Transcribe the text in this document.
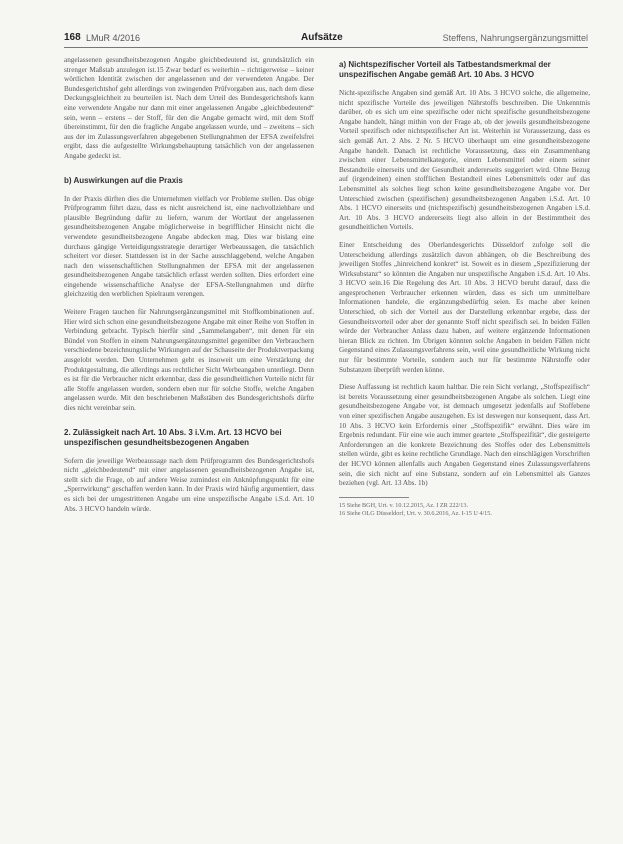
168 LMuR 4/2016	Aufsätze	Steffens, Nahrungsergänzungsmittel

angelassenen gesundheitsbezogenen Angabe gleichbedeutend ist, grundsätzlich ein strenger Maßstab anzulegen ist.15 Zwar bedarf es weiterhin – richtigerweise – keiner wörtlichen Identität zwischen der angelassenen und der verwendeten Angabe. Der Bundesgerichtshof geht allerdings von zwingenden Prüfvorgaben aus, nach dem diese Deckungsgleichheit zu beurteilen ist. Nach dem Urteil des Bundesgerichtshofs kann eine verwendete Angabe nur dann mit einer angelassenen Angabe „gleichbedeutend“ sein, wenn – erstens – der Stoff, für den die Angabe gemacht wird, mit dem Stoff übereinstimmt, für den die fragliche Angabe angelassen wurde, und – zweitens – sich aus der im Zulassungsverfahren abgegebenen Stellungnahmen der EFSA zweifelsfrei ergibt, dass die aufgestellte Wirkungsbehauptung tatsächlich von der angelassenen Angabe gedeckt ist.

b) Auswirkungen auf die Praxis

In der Praxis dürften dies die Unternehmen vielfach vor Probleme stellen. Das obige Prüfprogramm führt dazu, dass es nicht ausreichend ist, eine nachvollziehbare und plausible Begründung dafür zu liefern, warum der Wortlaut der angelassenen gesundheitsbezogenen Angabe möglicherweise in begrifflicher Hinsicht nicht die verwendete gesundheitsbezogene Angabe abdecken mag. Dies war bislang eine durchaus gängige Verteidigungsstrategie derartiger Werbeaussagen, die tatsächlich scheitert vor dieser. Stattdessen ist in der Sache ausschlaggebend, welche Angaben nach den wissenschaftlichen Stellungnahmen der EFSA mit der angelassenen gesundheitsbezogenen Angabe tatsächlich erfasst werden sollten. Dies erfordert eine eingehende wissenschaftliche Analyse der EFSA-Stellungnahmen und dürfte gleichzeitig den werblichen Spielraum verengen.

Weitere Fragen tauchen für Nahrungsergänzungsmittel mit Stoffkombinationen auf. Hier wird sich schon eine gesundheitsbezogene Angabe mit einer Reihe von Stoffen in Verbindung gebracht. Typisch hierfür sind „Sammelangaben“, mit denen für ein Bündel von Stoffen in einem Nahrungsergänzungsmittel gegenüber den Verbrauchern verschiedene bezeichnungsliche Wirkungen auf der Schauseite der Produktverpackung ausgelobt werden. Den Unternehmen geht es insoweit um eine Verstärkung der Produktgestaltung, die allerdings aus rechtlicher Sicht Werbeangaben unterliegt. Denn es ist für die Verbraucher nicht erkennbar, dass die gesundheitlichen Vorteile nicht für alle Stoffe angelassen wurden, sondern eben nur für solche Stoffe, welche Angaben angelassen wurde. Mit den beschriebenen Maßstäben des Bundesgerichtshofs dürfte dies nicht vereinbar sein.

2. Zulässigkeit nach Art. 10 Abs. 3 i.V.m. Art. 13 HCVO bei unspezifischen gesundheitsbezogenen Angaben

Sofern die jeweilige Werbeaussage nach dem Prüfprogramm des Bundesgerichtshofs nicht „gleichbedeutend“ mit einer angelassenen gesundheitsbezogenen Angabe ist, stellt sich die Frage, ob auf andere Weise zumindest ein Anknüpfungspunkt für eine „Sperrwirkung“ geschaffen werden kann. In der Praxis wird häufig argumentiert, dass es sich bei der umgestrittenen Angabe um eine unspezifische Angabe i.S.d. Art. 10 Abs. 3 HCVO handeln würde.

a) Nichtspezifischer Vorteil als Tatbestandsmerkmal der unspezifischen Angabe gemäß Art. 10 Abs. 3 HCVO

Nicht-spezifische Angaben sind gemäß Art. 10 Abs. 3 HCVO solche, die allgemeine, nicht spezifische Vorteile des jeweiligen Nährstoffs beschreiben. Die Unkenntnis darüber, ob es sich um eine spezifische oder nicht spezifische gesundheitsbezogene Angabe handelt, hängt mithin von der Frage ab, ob der jeweils gesundheitsbezogene Vorteil spezifisch oder nichtspezifischer Art ist. Weiterhin ist Voraussetzung, dass es sich gemäß Art. 2 Abs. 2 Nr. 5 HCVO überhaupt um eine gesundheitsbezogene Angabe handelt. Danach ist rechtliche Voraussetzung, dass ein Zusammenhang zwischen einer Lebensmittelkategorie, einem Lebensmittel oder einem seiner Bestandteile einerseits und der Gesundheit andererseits suggeriert wird. Ohne Bezug auf (irgendeinen) einen stofflichen Bestandteil eines Lebensmittels oder auf das Lebensmittel als solches liegt schon keine gesundheitsbezogene Angabe vor. Der Unterschied zwischen (spezifischen) gesundheitsbezogenen Angaben i.S.d. Art. 10 Abs. 1 HCVO einerseits und (nichtspezifisch) gesundheitsbezogenen Angaben i.S.d. Art. 10 Abs. 3 HCVO andererseits liegt also allein in der Bestimmtheit des gesundheitlichen Vorteils.

Einer Entscheidung des Oberlandesgerichts Düsseldorf zufolge soll die Unterscheidung allerdings zusätzlich davon abhängen, ob die Beschreibung des jeweiligen Stoffes „hinreichend konkret“ ist. Soweit es in diesem „Spezifizierung der Wirksubstanz“ so könnten die Angaben nur unspezifische Angaben i.S.d. Art. 10 Abs. 3 HCVO sein.16 Die Regelung des Art. 10 Abs. 3 HCVO beruht darauf, dass die angesprochenen Verbraucher erkennen würden, dass es sich um unmittelbare Informationen handele, die ergänzungsbedürftig seien. Es mache aber keinen Unterschied, ob sich der Vorteil aus der Darstellung erkennbar ergebe, dass der Gesundheitsvorteil oder aber der genannte Stoff nicht spezifisch sei. In beiden Fällen würde der Verbraucher Anlass dazu haben, auf weitere ergänzende Informationen hieran Blick zu richten. Im Übrigen könnten solche Angaben in beiden Fällen nicht Gegenstand eines Zulassungsverfahrens sein, weil eine gesundheitliche Wirkung nicht nur für bestimmte Vorteile, sondern auch nur für bestimmte Nährstoffe oder Substanzen überprüft werden könne.

Diese Auffassung ist rechtlich kaum haltbar. Die rein Sicht verlangt, „Stoffspezifisch“ ist bereits Voraussetzung einer gesundheitsbezogenen Angabe als solchen. Liegt eine gesundheitsbezogene Angabe vor, ist demnach umgesetzt jedenfalls auf Stoffebene von einer spezifischen Angabe auszugehen. Es ist deswegen nur konsequent, dass Art. 10 Abs. 3 HCVO kein Erfordernis einer „Stoffspezifik“ erwähnt. Dies wäre im Ergebnis redundant. Für eine wie auch immer geartete „Stoffspezifität“, die gesteigerte Anforderungen an die konkrete Bezeichnung des Stoffes oder des Lebensmittels stellen würde, gibt es keine rechtliche Grundlage. Nach den einschlägigen Vorschriften der HCVO können allenfalls auch Angaben Gegenstand eines Zulassungsverfahrens sein, die sich nicht auf eine Substanz, sondern auf ein Lebensmittel als Ganzes beziehen (vgl. Art. 13 Abs. 1b)

15 Siehe BGH, Urt. v. 10.12.2015, Az. I ZR 222/13.
16 Siehe OLG Düsseldorf, Urt. v. 30.6.2016, Az. I-15 U 4/15.
